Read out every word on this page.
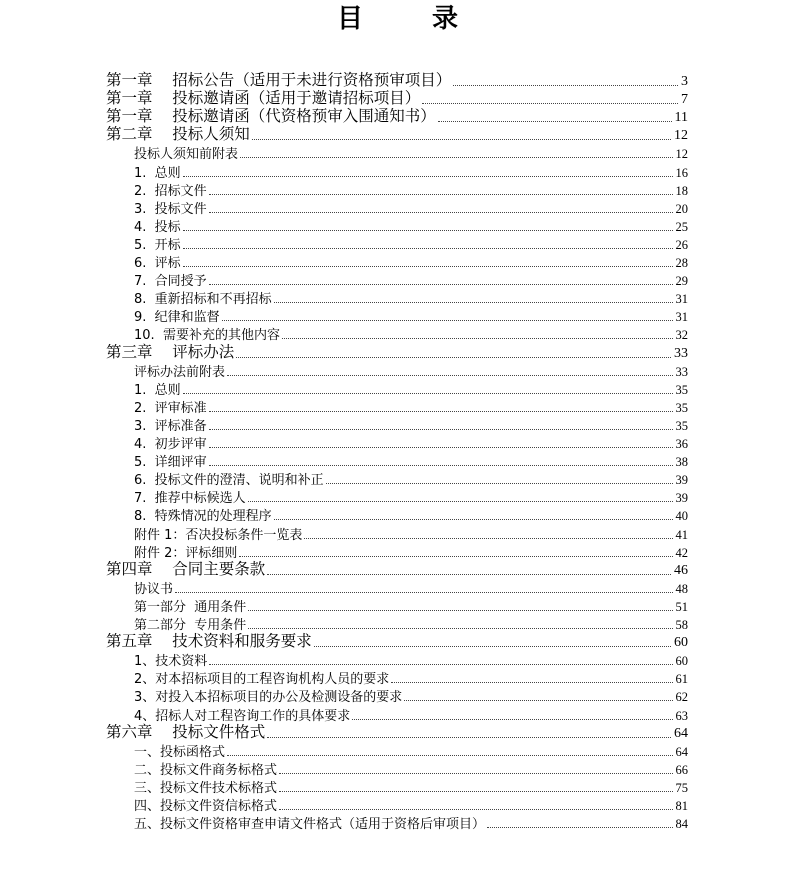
目 录
第一章    招标公告（适用于未进行资格预审项目）	3
第一章    投标邀请函（适用于邀请招标项目）	7
第一章    投标邀请函（代资格预审入围通知书）	11
第二章    投标人须知	12
投标人须知前附表	12
1.  总则	16
2.  招标文件	18
3.  投标文件	20
4.  投标	25
5.  开标	26
6.  评标	28
7.  合同授予	29
8.  重新招标和不再招标	31
9.  纪律和监督	31
10.  需要补充的其他内容	32
第三章    评标办法	33
评标办法前附表	33
1.  总则	35
2.  评审标准	35
3.  评标准备	35
4.  初步评审	36
5.  详细评审	38
6.  投标文件的澄清、说明和补正	39
7.  推荐中标候选人	39
8.  特殊情况的处理程序	40
附件 1：否决投标条件一览表	41
附件 2：评标细则	42
第四章    合同主要条款	46
协议书	48
第一部分  通用条件	51
第二部分  专用条件	58
第五章    技术资料和服务要求	60
1、技术资料	60
2、对本招标项目的工程咨询机构人员的要求	61
3、对投入本招标项目的办公及检测设备的要求	62
4、招标人对工程咨询工作的具体要求	63
第六章    投标文件格式	64
一、投标函格式	64
二、投标文件商务标格式	66
三、投标文件技术标格式	75
四、投标文件资信标格式	81
五、投标文件资格审查申请文件格式（适用于资格后审项目）	84
